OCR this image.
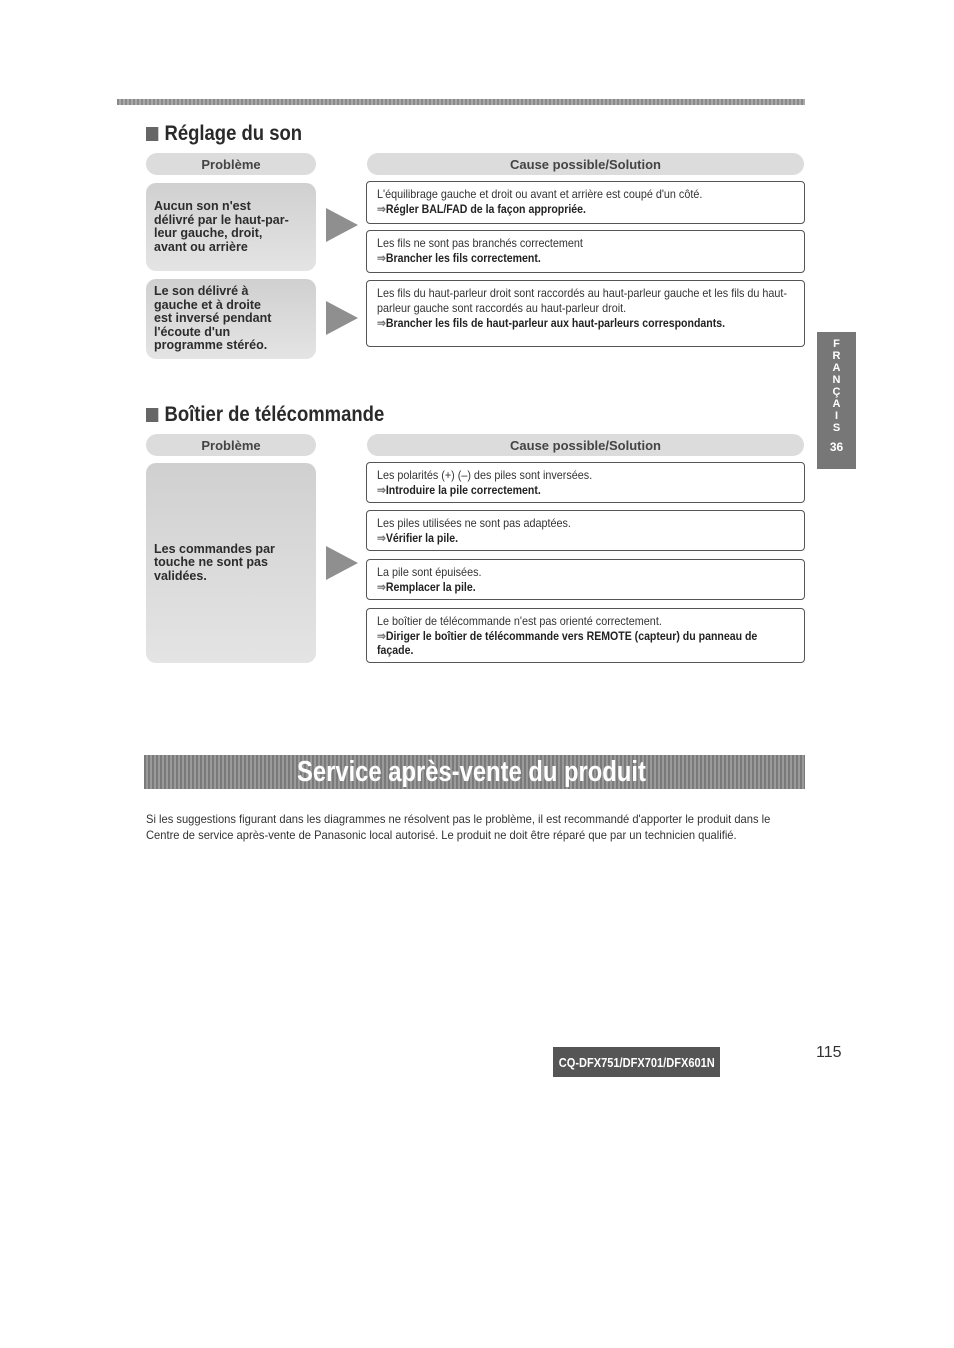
Réglage du son
Problème	Cause possible/Solution
Aucun son n'est
délivré par le haut-par-
leur gauche, droit,
avant ou arrière
L'équilibrage gauche et droit ou avant et arrière est coupé d'un côté.
⇒Régler BAL/FAD de la façon appropriée.
Les fils ne sont pas branchés correctement
⇒Brancher les fils correctement.
Le son délivré à
gauche et à droite
est inversé pendant
l'écoute d'un
programme stéréo.
Les fils du haut-parleur droit sont raccordés au haut-parleur gauche et les fils du haut-parleur gauche sont raccordés au haut-parleur droit.
⇒Brancher les fils de haut-parleur aux haut-parleurs correspondants.
F
R
A
N
Ç
A
I
S
36
Boîtier de télécommande
Problème	Cause possible/Solution
Les commandes par
touche ne sont pas
validées.
Les polarités (+) (–) des piles sont inversées.
⇒Introduire la pile correctement.
Les piles utilisées ne sont pas adaptées.
⇒Vérifier la pile.
La pile sont épuisées.
⇒Remplacer la pile.
Le boîtier de télécommande n'est pas orienté correctement.
⇒Diriger le boîtier de télécommande vers REMOTE (capteur) du panneau de façade.
Service après-vente du produit
Si les suggestions figurant dans les diagrammes ne résolvent pas le problème, il est recommandé d'apporter le produit dans le Centre de service après-vente de Panasonic local autorisé. Le produit ne doit être réparé que par un technicien qualifié.
CQ-DFX751/DFX701/DFX601N
115
